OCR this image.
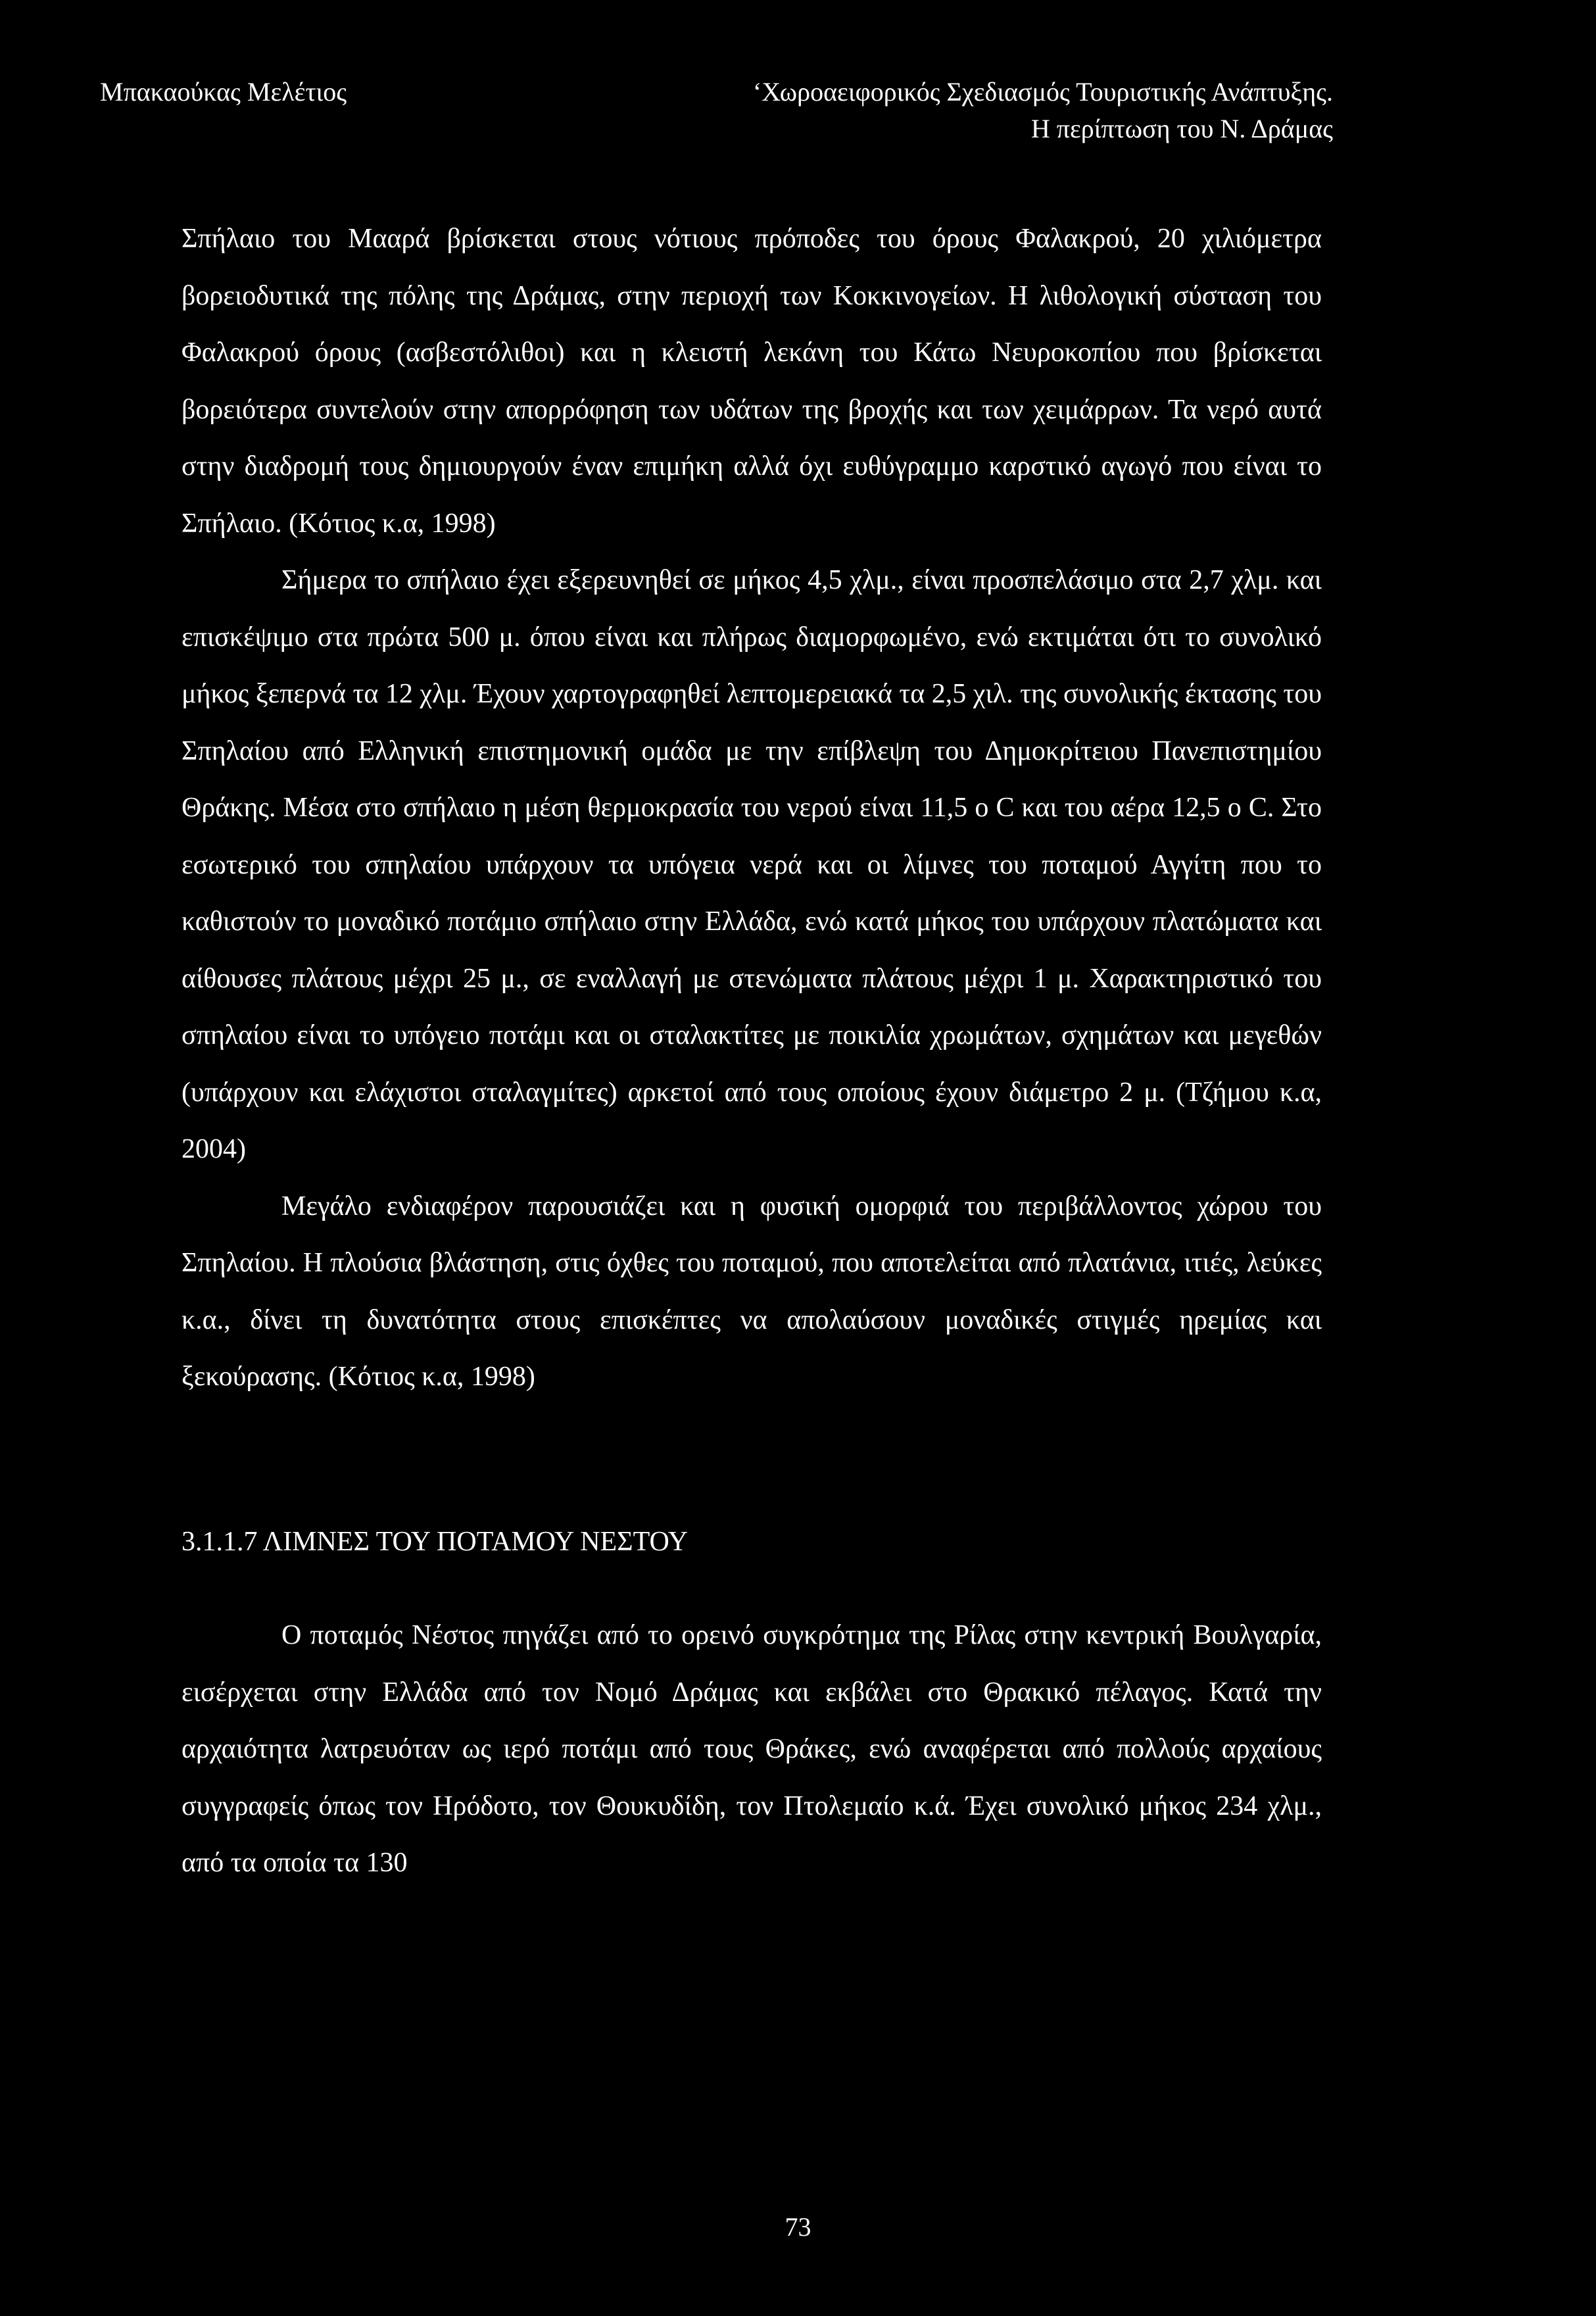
Μπακαούκας Μελέτιος	‘Χωροαειφορικός Σχεδιασμός Τουριστικής Ανάπτυξης.
Η περίπτωση του Ν. Δράμας

Σπήλαιο του Μααρά βρίσκεται στους νότιους πρόποδες του όρους Φαλακρού, 20 χιλιόμετρα βορειοδυτικά της πόλης της Δράμας, στην περιοχή των Κοκκινογείων. Η λιθολογική σύσταση του Φαλακρού όρους (ασβεστόλιθοι) και η κλειστή λεκάνη του Κάτω Νευροκοπίου που βρίσκεται βορειότερα συντελούν στην απορρόφηση των υδάτων της βροχής και των χειμάρρων. Τα νερό αυτά στην διαδρομή τους δημιουργούν έναν επιμήκη αλλά όχι ευθύγραμμο καρστικό αγωγό που είναι το Σπήλαιο. (Κότιος κ.α, 1998)

Σήμερα το σπήλαιο έχει εξερευνηθεί σε μήκος 4,5 χλμ., είναι προσπελάσιμο στα 2,7 χλμ. και επισκέψιμο στα πρώτα 500 μ. όπου είναι και πλήρως διαμορφωμένο, ενώ εκτιμάται ότι το συνολικό μήκος ξεπερνά τα 12 χλμ. Έχουν χαρτογραφηθεί λεπτομερειακά τα 2,5 χιλ. της συνολικής έκτασης του Σπηλαίου από Ελληνική επιστημονική ομάδα με την επίβλεψη του Δημοκρίτειου Πανεπιστημίου Θράκης. Μέσα στο σπήλαιο η μέση θερμοκρασία του νερού είναι 11,5 ο C και του αέρα 12,5 ο C. Στο εσωτερικό του σπηλαίου υπάρχουν τα υπόγεια νερά και οι λίμνες του ποταμού Αγγίτη που το καθιστούν το μοναδικό ποτάμιο σπήλαιο στην Ελλάδα, ενώ κατά μήκος του υπάρχουν πλατώματα και αίθουσες πλάτους μέχρι 25 μ., σε εναλλαγή με στενώματα πλάτους μέχρι 1 μ. Χαρακτηριστικό του σπηλαίου είναι το υπόγειο ποτάμι και οι σταλακτίτες με ποικιλία χρωμάτων, σχημάτων και μεγεθών (υπάρχουν και ελάχιστοι σταλαγμίτες) αρκετοί από τους οποίους έχουν διάμετρο 2 μ. (Τζήμου κ.α, 2004)

Μεγάλο ενδιαφέρον παρουσιάζει και η φυσική ομορφιά του περιβάλλοντος χώρου του Σπηλαίου. Η πλούσια βλάστηση, στις όχθες του ποταμού, που αποτελείται από πλατάνια, ιτιές, λεύκες κ.α., δίνει τη δυνατότητα στους επισκέπτες να απολαύσουν μοναδικές στιγμές ηρεμίας και ξεκούρασης. (Κότιος κ.α, 1998)

3.1.1.7 ΛΙΜΝΕΣ ΤΟΥ ΠΟΤΑΜΟΥ ΝΕΣΤΟΥ

Ο ποταμός Νέστος πηγάζει από το ορεινό συγκρότημα της Ρίλας στην κεντρική Βουλγαρία, εισέρχεται στην Ελλάδα από τον Νομό Δράμας και εκβάλει στο Θρακικό πέλαγος. Κατά την αρχαιότητα λατρευόταν ως ιερό ποτάμι από τους Θράκες, ενώ αναφέρεται από πολλούς αρχαίους συγγραφείς όπως τον Ηρόδοτο, τον Θουκυδίδη, τον Πτολεμαίο κ.ά. Έχει συνολικό μήκος 234 χλμ., από τα οποία τα 130

73
